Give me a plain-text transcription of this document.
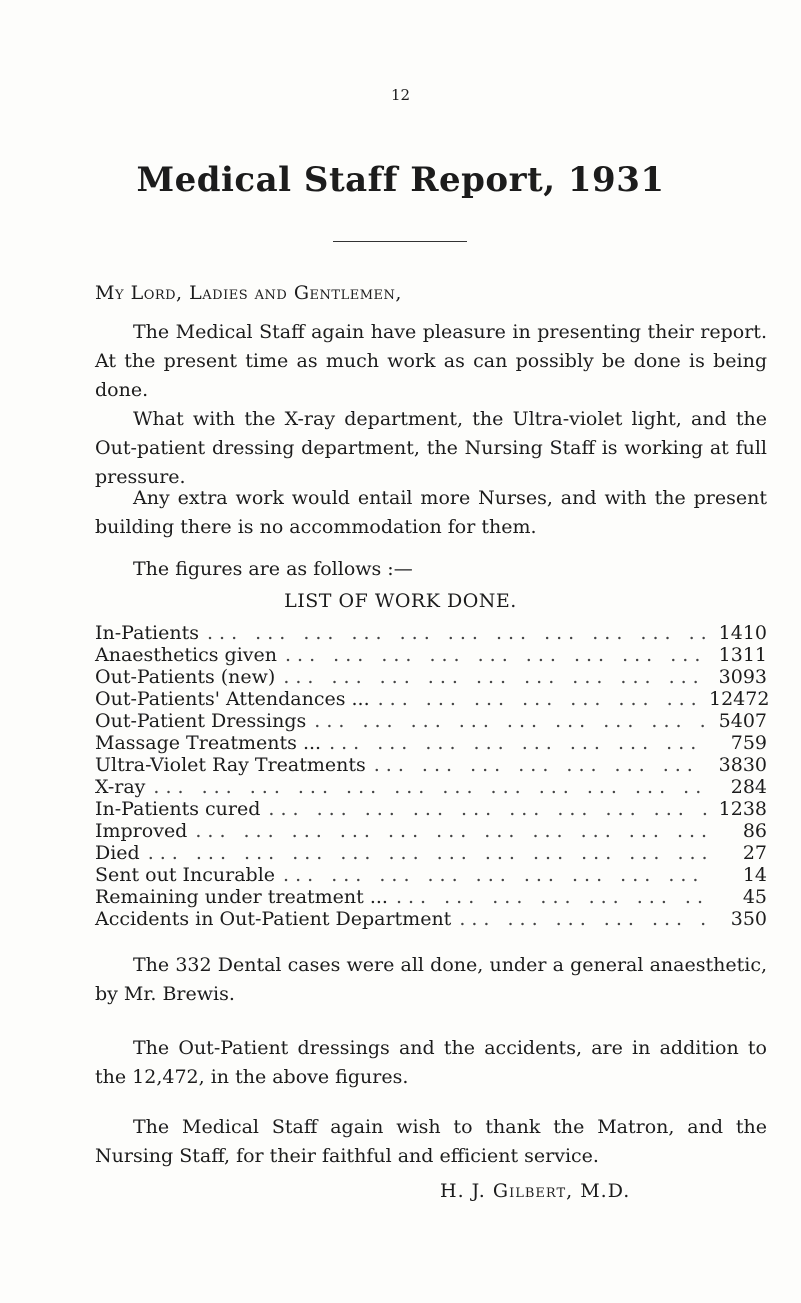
12
Medical Staff Report, 1931
My Lord, Ladies and Gentlemen,

The Medical Staff again have pleasure in presenting their report. At the present time as much work as can possibly be done is being done.

What with the X-ray department, the Ultra-violet light, and the Out-patient dressing department, the Nursing Staff is working at full pressure.

Any extra work would entail more Nurses, and with the present building there is no accommodation for them.

The figures are as follows :—

LIST OF WORK DONE.
In-Patients ... .	1410
Anaesthetics given ... .	1311
Out-Patients (new) ... .	3093
Out-Patients' Attendances ... ... .	12472
Out-Patient Dressings ... .	5407
Massage Treatments ... ... .	759
Ultra-Violet Ray Treatments ... .	3830
X-ray ... .	284
In-Patients cured ... .	1238
Improved ... .	86
Died ... .	27
Sent out Incurable ... .	14
Remaining under treatment ... ... .	45
Accidents in Out-Patient Department ... .	350

The 332 Dental cases were all done, under a general anaesthetic, by Mr. Brewis.

The Out-Patient dressings and the accidents, are in addition to the 12,472, in the above figures.

The Medical Staff again wish to thank the Matron, and the Nursing Staff, for their faithful and efficient service.

H. J. Gilbert, M.D.
